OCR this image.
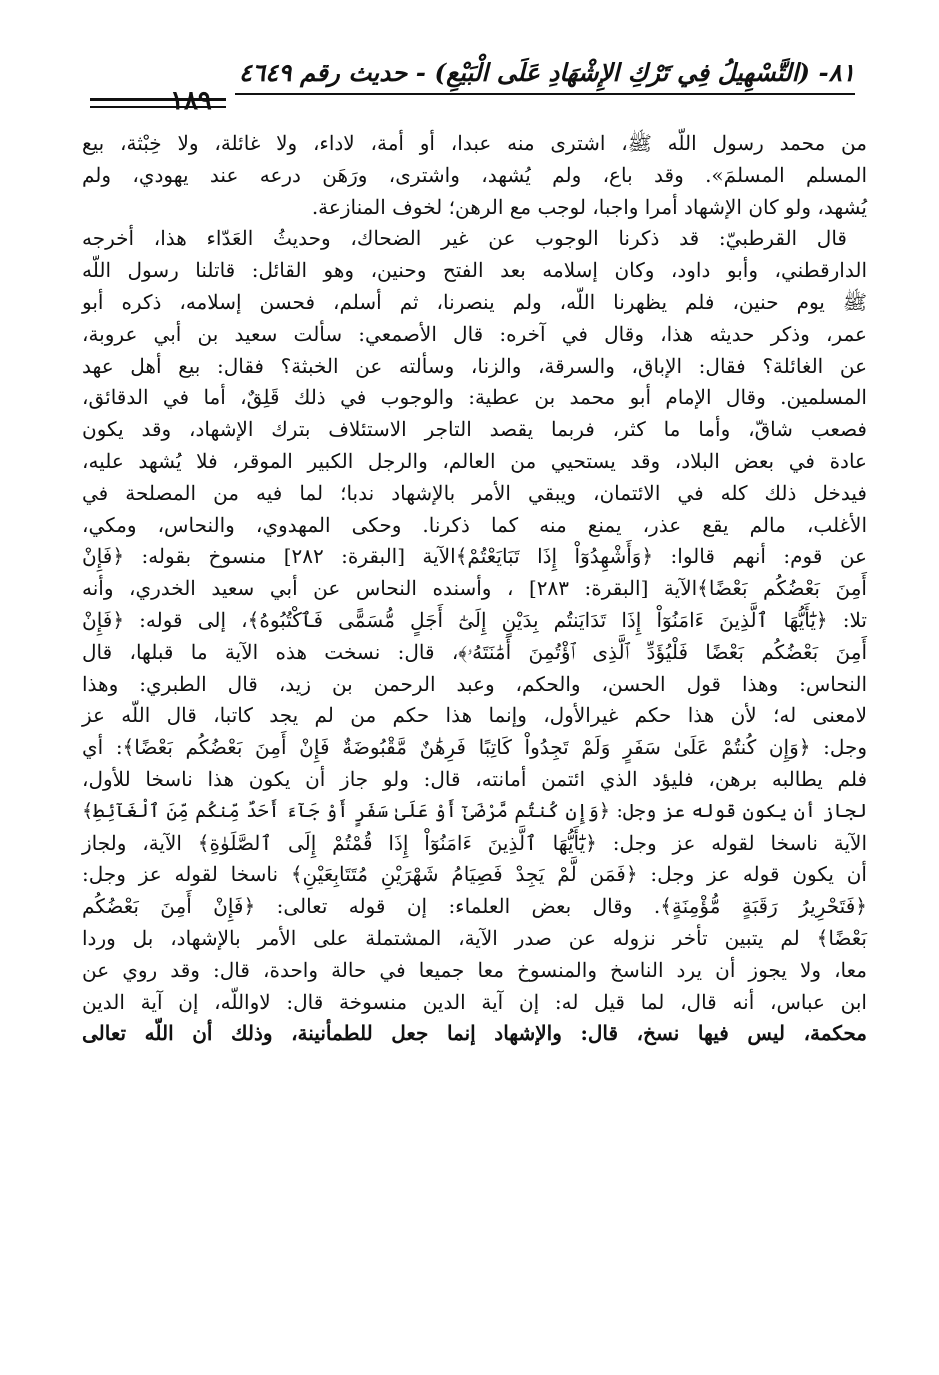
٨١- (التَّسْهِيلُ فِي تَرْكِ الإِشْهَادِ عَلَى الْبَيْعِ) - حديث رقم ٤٦٤٩
١٨٩
من محمد رسول اللّه ﷺ، اشترى منه عبدا، أو أمة، لاداء، ولا غائلة، ولا خِبْثة، بيع
المسلم المسلمَ». وقد باع، ولم يُشهد، واشترى، ورَهَن درعه عند يهودي، ولم
يُشهد، ولو كان الإشهاد أمرا واجبا، لوجب مع الرهن؛ لخوف المنازعة.
قال القرطبيّ: قد ذكرنا الوجوب عن غير الضحاك، وحديثُ العَدّاء هذا، أخرجه
الدارقطني، وأبو داود، وكان إسلامه بعد الفتح وحنين، وهو القائل: قاتلنا رسول اللّه
ﷺ يوم حنين، فلم يظهرنا اللّه، ولم ينصرنا، ثم أسلم، فحسن إسلامه، ذكره أبو
عمر، وذكر حديثه هذا، وقال في آخره: قال الأصمعي: سألت سعيد بن أبي عروبة،
عن الغائلة؟ فقال: الإباق، والسرقة، والزنا، وسألته عن الخبثة؟ فقال: بيع أهل عهد
المسلمين. وقال الإمام أبو محمد بن عطية: والوجوب في ذلك قَلِقٌ، أما في الدقائق،
فصعب شاقّ، وأما ما كثر، فربما يقصد التاجر الاستئلاف بترك الإشهاد، وقد يكون
عادة في بعض البلاد، وقد يستحيي من العالم، والرجل الكبير الموقر، فلا يُشهد عليه،
فيدخل ذلك كله في الائتمان، ويبقي الأمر بالإشهاد ندبا؛ لما فيه من المصلحة في
الأغلب، مالم يقع عذر، يمنع منه كما ذكرنا. وحكى المهدوي، والنحاس، ومكي،
عن قوم: أنهم قالوا: ﴿وَأَشْهِدُوٓاْ إِذَا تَبَايَعْتُمْ﴾الآية [البقرة: ٢٨٢] منسوخ بقوله: ﴿فَإِنْ
أَمِنَ بَعْضُكُم بَعْضًا﴾الآية [البقرة: ٢٨٣] ، وأسنده النحاس عن أبي سعيد الخدري، وأنه
تلا: ﴿يَٰٓأَيُّهَا ٱلَّذِينَ ءَامَنُوٓاْ إِذَا تَدَايَنتُم بِدَيْنٍ إِلَىٰٓ أَجَلٍ مُّسَمًّى فَٱكْتُبُوهُ﴾، إلى قوله: ﴿فَإِنْ
أَمِنَ بَعْضُكُم بَعْضًا فَلْيُؤَدِّ ٱلَّذِى ٱؤْتُمِنَ أَمَٰنَتَهُۥ﴾، قال: نسخت هذه الآية ما قبلها، قال
النحاس: وهذا قول الحسن، والحكم، وعبد الرحمن بن زيد، قال الطبري: وهذا
لامعنى له؛ لأن هذا حكم غيرالأول، وإنما هذا حكم من لم يجد كاتبا، قال اللّه عز
وجل: ﴿وَإِن كُنتُمْ عَلَىٰ سَفَرٍ وَلَمْ تَجِدُواْ كَاتِبًا فَرِهَٰنٌ مَّقْبُوضَةٌ فَإِنْ أَمِنَ بَعْضُكُم بَعْضًا﴾: أي
فلم يطالبه برهن، فليؤد الذي ائتمن أمانته، قال: ولو جاز أن يكون هذا ناسخا للأول،
لجاز أن يكون قوله عز وجل: ﴿وَإِن كُنتُم مَّرْضَىٰٓ أَوْ عَلَىٰ سَفَرٍ أَوْ جَآءَ أَحَدٌ مِّنكُم مِّنَ ٱلْغَآئِطِ﴾
الآية ناسخا لقوله عز وجل: ﴿يَٰٓأَيُّهَا ٱلَّذِينَ ءَامَنُوٓاْ إِذَا قُمْتُمْ إِلَى ٱلصَّلَوٰةِ﴾ الآية، ولجاز
أن يكون قوله عز وجل: ﴿فَمَن لَّمْ يَجِدْ فَصِيَامُ شَهْرَيْنِ مُتَتَابِعَيْنِ﴾ ناسخا لقوله عز وجل:
﴿فَتَحْرِيرُ رَقَبَةٍ مُّؤْمِنَةٍ﴾. وقال بعض العلماء: إن قوله تعالى: ﴿فَإِنْ أَمِنَ بَعْضُكُم
بَعْضًا﴾ لم يتبين تأخر نزوله عن صدر الآية، المشتملة على الأمر بالإشهاد، بل وردا
معا، ولا يجوز أن يرد الناسخ والمنسوخ معا جميعا في حالة واحدة، قال: وقد روي عن
ابن عباس، أنه قال، لما قيل له: إن آية الدين منسوخة قال: لاواللّه، إن آية الدين
محكمة، ليس فيها نسخ، قال: والإشهاد إنما جعل للطمأنينة، وذلك أن اللّه تعالى
